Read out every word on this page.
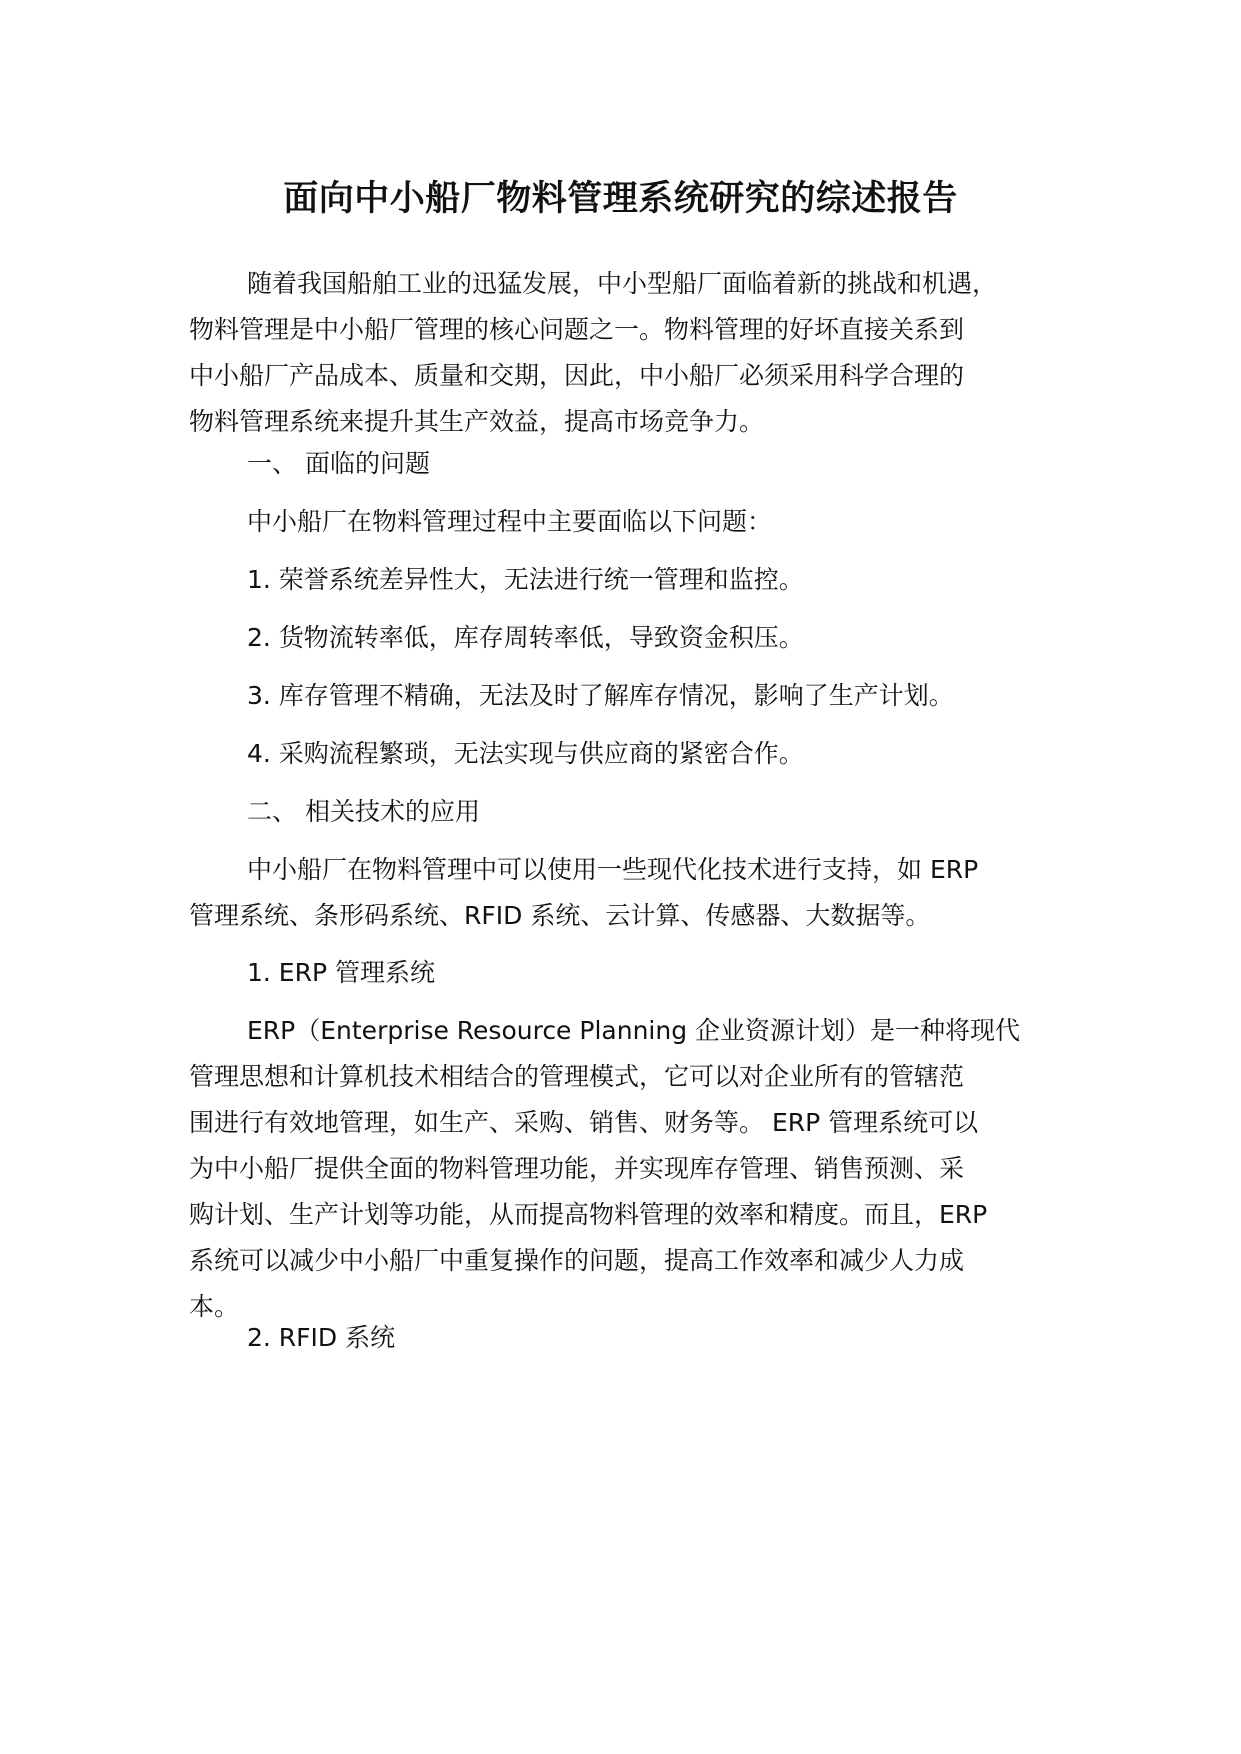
面向中小船厂物料管理系统研究的综述报告
随着我国船舶工业的迅猛发展，中小型船厂面临着新的挑战和机遇，
物料管理是中小船厂管理的核心问题之一。物料管理的好坏直接关系到
中小船厂产品成本、质量和交期，因此，中小船厂必须采用科学合理的
物料管理系统来提升其生产效益，提高市场竞争力。
一、 面临的问题
中小船厂在物料管理过程中主要面临以下问题：
1. 荣誉系统差异性大，无法进行统一管理和监控。
2. 货物流转率低，库存周转率低，导致资金积压。
3. 库存管理不精确，无法及时了解库存情况，影响了生产计划。
4. 采购流程繁琐，无法实现与供应商的紧密合作。
二、 相关技术的应用
中小船厂在物料管理中可以使用一些现代化技术进行支持，如 ERP
管理系统、条形码系统、RFID 系统、云计算、传感器、大数据等。
1. ERP 管理系统
ERP（Enterprise Resource Planning 企业资源计划）是一种将现代
管理思想和计算机技术相结合的管理模式，它可以对企业所有的管辖范
围进行有效地管理，如生产、采购、销售、财务等。 ERP 管理系统可以
为中小船厂提供全面的物料管理功能，并实现库存管理、销售预测、采
购计划、生产计划等功能，从而提高物料管理的效率和精度。而且，ERP
系统可以减少中小船厂中重复操作的问题，提高工作效率和减少人力成
本。
2. RFID 系统
